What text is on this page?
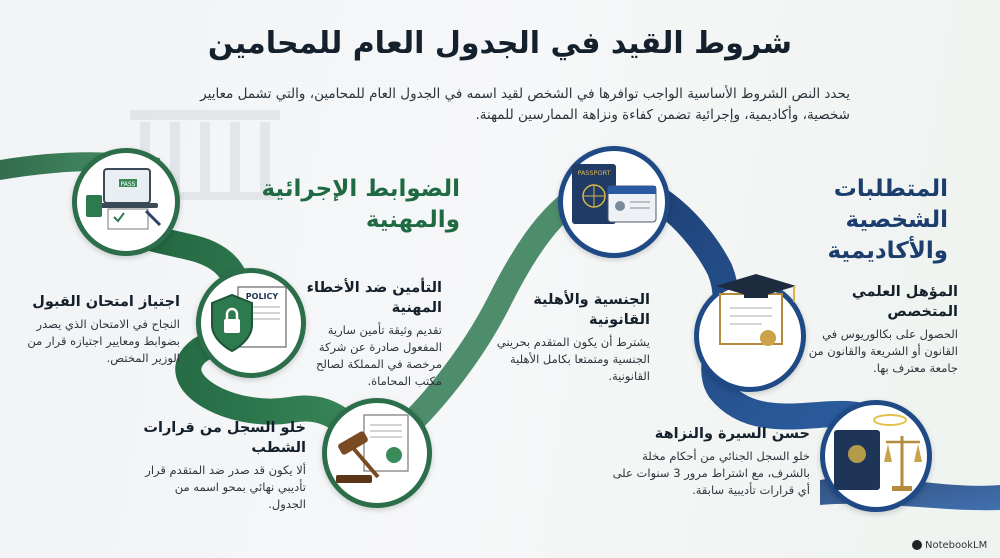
PASS
POLICY
PASSPORT
شروط القيد في الجدول العام للمحامين
يحدد النص الشروط الأساسية الواجب توافرها في الشخص لقيد اسمه في الجدول العام للمحامين، والتي تشمل معايير شخصية، وأكاديمية، وإجرائية تضمن كفاءة ونزاهة الممارسين للمهنة.
المتطلبات الشخصية والأكاديمية
الضوابط الإجرائية والمهنية
المؤهل العلمي المتخصص
الحصول على بكالوريوس في القانون أو الشريعة والقانون من جامعة معترف بها.
الجنسية والأهلية القانونية
يشترط أن يكون المتقدم بحريني الجنسية ومتمتعا بكامل الأهلية القانونية.
حسن السيرة والنزاهة
خلو السجل الجنائي من أحكام مخلة بالشرف، مع اشتراط مرور 3 سنوات على أي قرارات تأديبية سابقة.
التأمين ضد الأخطاء المهنية
تقديم وثيقة تأمين سارية المفعول صادرة عن شركة مرخصة في المملكة لصالح مكتب المحاماة.
اجتياز امتحان القبول
النجاح في الامتحان الذي يصدر بضوابط ومعايير اجتيازه قرار من الوزير المختص.
خلو السجل من قرارات الشطب
ألا يكون قد صدر ضد المتقدم قرار تأديبي نهائي بمحو اسمه من الجدول.
NotebookLM
